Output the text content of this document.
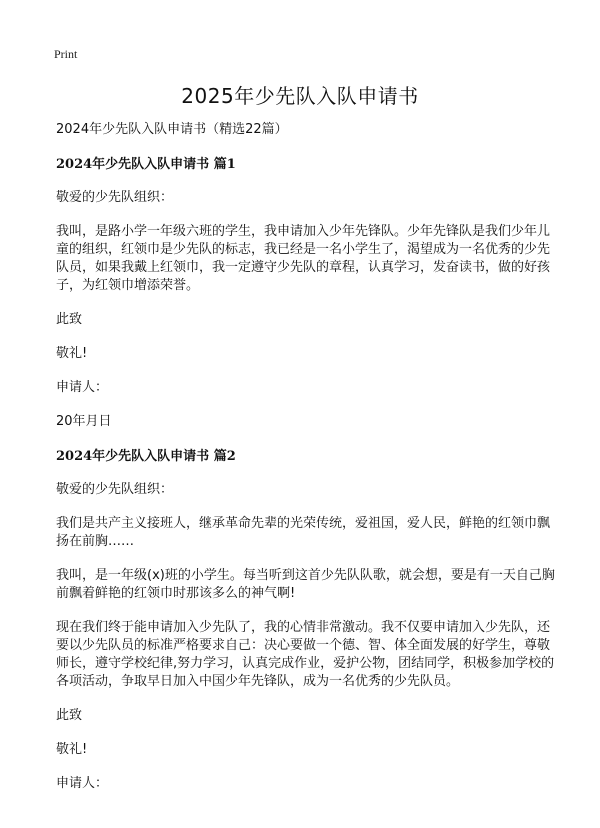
Print
2025年少先队入队申请书
2024年少先队入队申请书（精选22篇）
2024年少先队入队申请书 篇1
敬爱的少先队组织：
我叫，是路小学一年级六班的学生，我申请加入少年先锋队。少年先锋队是我们少年儿童的组织，红领巾是少先队的标志，我已经是一名小学生了，渴望成为一名优秀的少先队员，如果我戴上红领巾，我一定遵守少先队的章程，认真学习，发奋读书，做的好孩子，为红领巾增添荣誉。
此致
敬礼!
申请人：
20年月日
2024年少先队入队申请书 篇2
敬爱的少先队组织：
我们是共产主义接班人，继承革命先辈的光荣传统，爱祖国，爱人民，鲜艳的红领巾飘扬在前胸……
我叫，是一年级(x)班的小学生。每当听到这首少先队队歌，就会想，要是有一天自己胸前飘着鲜艳的红领巾时那该多么的神气啊!
现在我们终于能申请加入少先队了，我的心情非常激动。我不仅要申请加入少先队，还要以少先队员的标准严格要求自己：决心要做一个德、智、体全面发展的好学生，尊敬师长，遵守学校纪律,努力学习，认真完成作业，爱护公物，团结同学，积极参加学校的各项活动，争取早日加入中国少年先锋队，成为一名优秀的少先队员。
此致
敬礼!
申请人：
